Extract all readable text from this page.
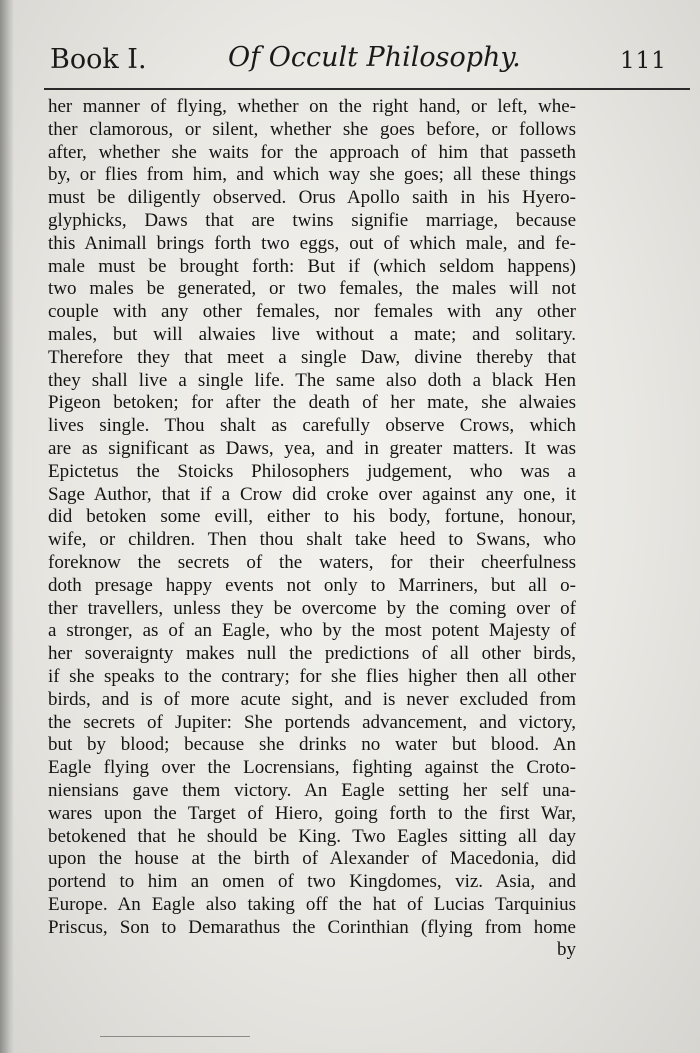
Book I.	Of Occult Philosophy.	111
her manner of flying, whether on the right hand, or left, whe-
ther clamorous, or silent, whether she goes before, or follows
after, whether she waits for the approach of him that passeth
by, or flies from him, and which way she goes; all these things
must be diligently observed. Orus Apollo saith in his Hyero-
glyphicks, Daws that are twins signifie marriage, because
this Animall brings forth two eggs, out of which male, and fe-
male must be brought forth: But if (which seldom happens)
two males be generated, or two females, the males will not
couple with any other females, nor females with any other
males, but will alwaies live without a mate; and solitary.
Therefore they that meet a single Daw, divine thereby that
they shall live a single life. The same also doth a black Hen
Pigeon betoken; for after the death of her mate, she alwaies
lives single. Thou shalt as carefully observe Crows, which
are as significant as Daws, yea, and in greater matters. It was
Epictetus the Stoicks Philosophers judgement, who was a
Sage Author, that if a Crow did croke over against any one, it
did betoken some evill, either to his body, fortune, honour,
wife, or children. Then thou shalt take heed to Swans, who
foreknow the secrets of the waters, for their cheerfulness
doth presage happy events not only to Marriners, but all o-
ther travellers, unless they be overcome by the coming over of
a stronger, as of an Eagle, who by the most potent Majesty of
her soveraignty makes null the predictions of all other birds,
if she speaks to the contrary; for she flies higher then all other
birds, and is of more acute sight, and is never excluded from
the secrets of Jupiter: She portends advancement, and victory,
but by blood; because she drinks no water but blood. An
Eagle flying over the Locrensians, fighting against the Croto-
niensians gave them victory. An Eagle setting her self una-
wares upon the Target of Hiero, going forth to the first War,
betokened that he should be King. Two Eagles sitting all day
upon the house at the birth of Alexander of Macedonia, did
portend to him an omen of two Kingdomes, viz. Asia, and
Europe. An Eagle also taking off the hat of Lucias Tarquinius
Priscus, Son to Demarathus the Corinthian (flying from home
by
